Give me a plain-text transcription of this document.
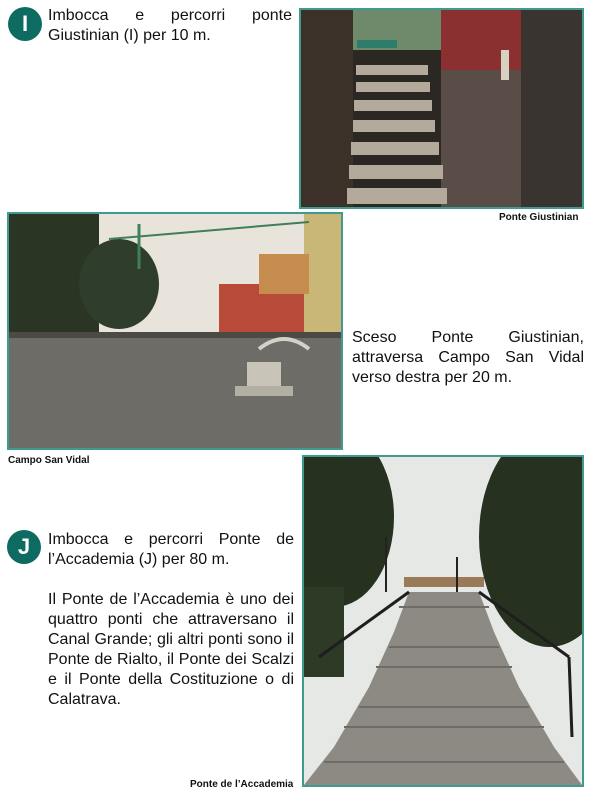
I	Imbocca e percorri ponte Giustinian (I) per 10 m.
Ponte Giustinian
Campo San Vidal
Sceso Ponte Giustinian, attraversa Campo San Vidal verso destra per 20 m.
J	Imbocca e percorri Ponte de l’Accademia (J) per 80 m.
Il Ponte de l’Accademia è uno dei quattro ponti che attraversano il Canal Grande; gli altri ponti sono il Ponte de Rialto, il Ponte dei Scalzi e il Ponte della Costituzione o di Calatrava.
Ponte de l’Accademia
